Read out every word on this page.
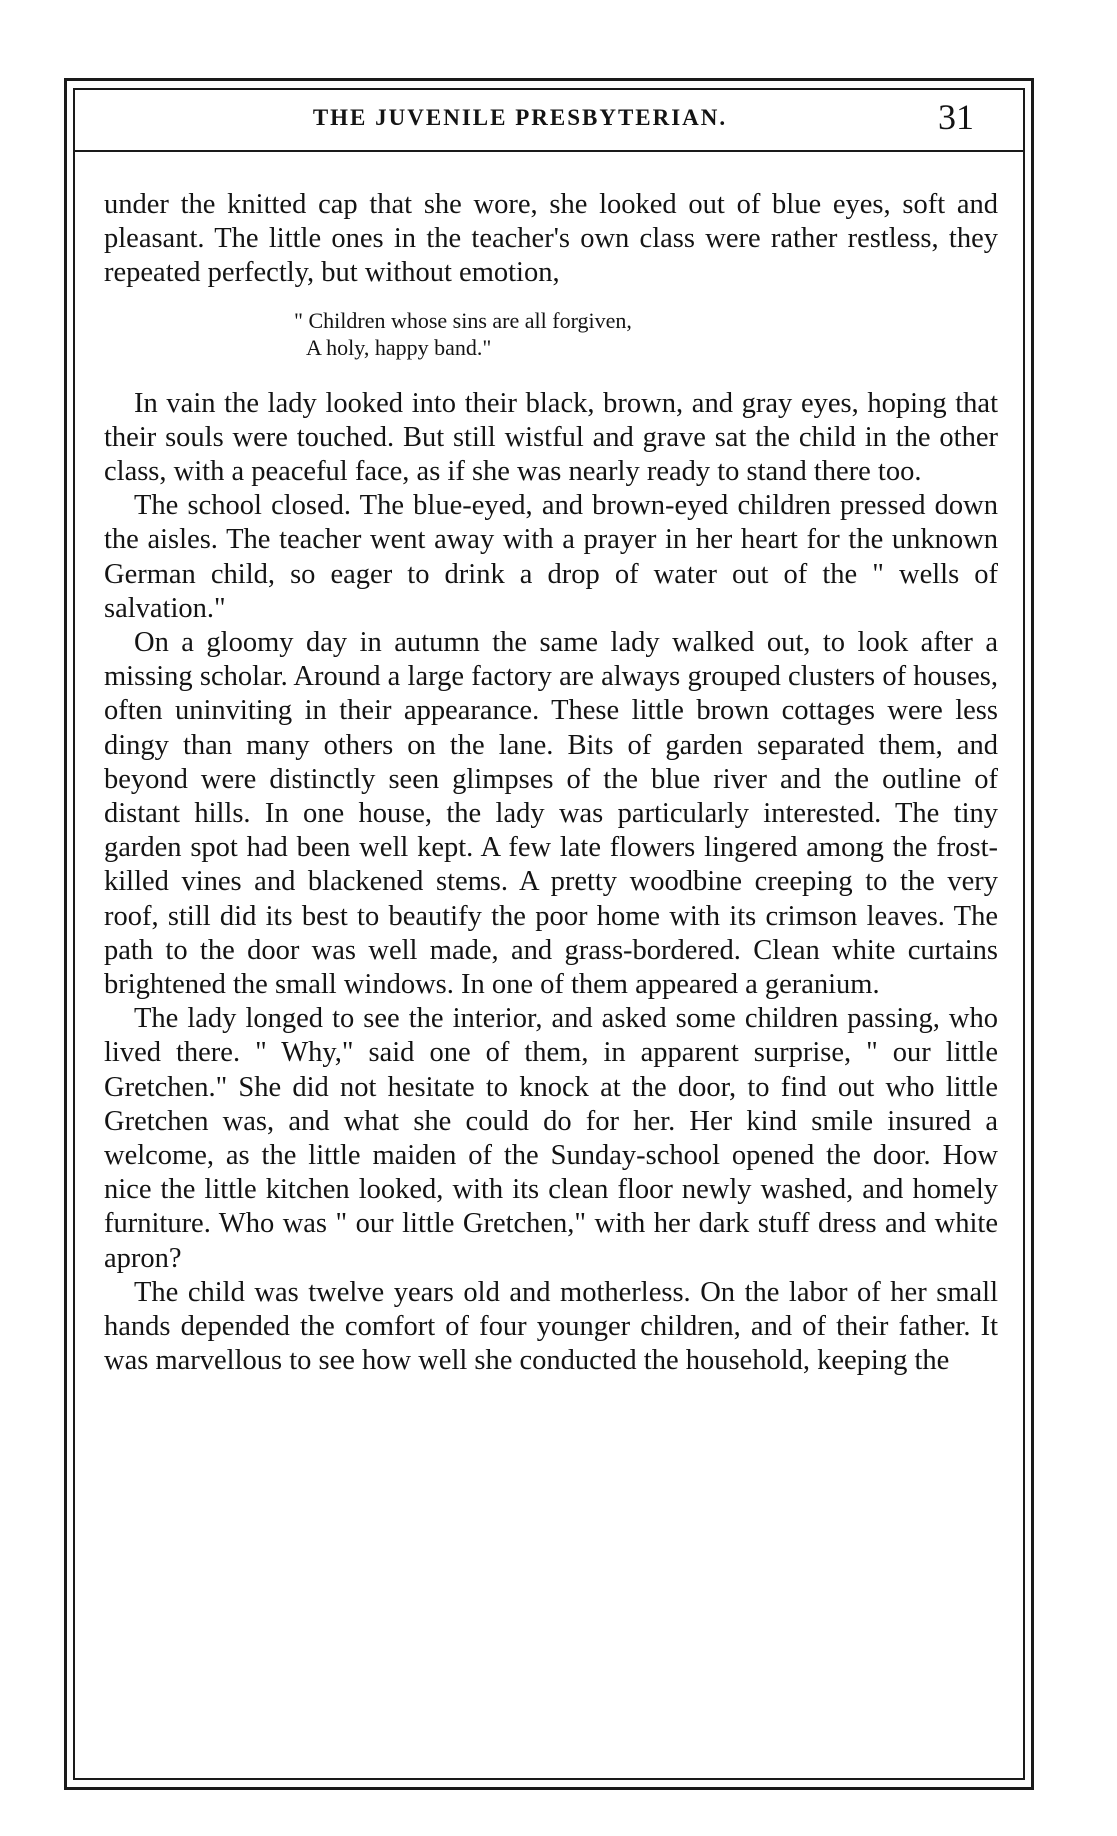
THE JUVENILE PRESBYTERIAN.	31

under the knitted cap that she wore, she looked out of blue eyes, soft and pleasant. The little ones in the teacher's own class were rather restless, they repeated perfectly, but without emotion,

" Children whose sins are all forgiven,
A holy, happy band."

In vain the lady looked into their black, brown, and gray eyes, hoping that their souls were touched. But still wistful and grave sat the child in the other class, with a peaceful face, as if she was nearly ready to stand there too.

The school closed. The blue-eyed, and brown-eyed children pressed down the aisles. The teacher went away with a prayer in her heart for the unknown German child, so eager to drink a drop of water out of the " wells of salvation."

On a gloomy day in autumn the same lady walked out, to look after a missing scholar. Around a large factory are always grouped clusters of houses, often uninviting in their appearance. These little brown cottages were less dingy than many others on the lane. Bits of garden separated them, and beyond were distinctly seen glimpses of the blue river and the outline of distant hills. In one house, the lady was particularly interested. The tiny garden spot had been well kept. A few late flowers lingered among the frost-killed vines and blackened stems. A pretty woodbine creeping to the very roof, still did its best to beautify the poor home with its crimson leaves. The path to the door was well made, and grass-bordered. Clean white curtains brightened the small windows. In one of them appeared a geranium.

The lady longed to see the interior, and asked some children passing, who lived there. " Why," said one of them, in apparent surprise, " our little Gretchen." She did not hesitate to knock at the door, to find out who little Gretchen was, and what she could do for her. Her kind smile insured a welcome, as the little maiden of the Sunday-school opened the door. How nice the little kitchen looked, with its clean floor newly washed, and homely furniture. Who was " our little Gretchen," with her dark stuff dress and white apron?

The child was twelve years old and motherless. On the labor of her small hands depended the comfort of four younger children, and of their father. It was marvellous to see how well she conducted the household, keeping the
